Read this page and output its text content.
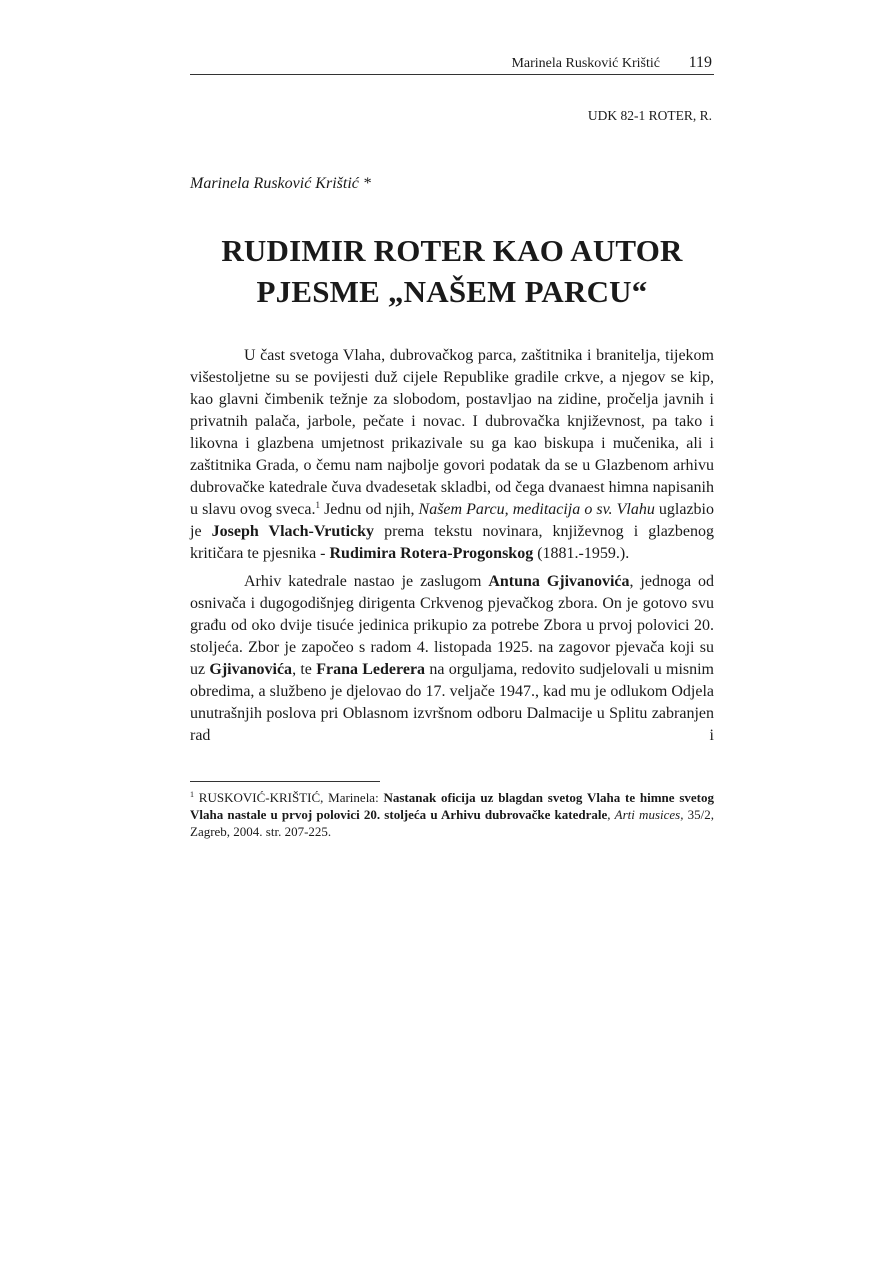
Marinela Rusković Krištić 119
UDK 82-1 ROTER, R.
Marinela Rusković Krištić *
RUDIMIR ROTER KAO AUTOR
PJESME „NAŠEM PARCU“

U čast svetoga Vlaha, dubrovačkog parca, zaštitnika i branitelja, tijekom višestoljetne su se povijesti duž cijele Republike gradile crkve, a njegov se kip, kao glavni čimbenik težnje za slobodom, postavljao na zidine, pročelja javnih i privatnih palača, jarbole, pečate i novac. I dubrovačka književnost, pa tako i likovna i glazbena umjetnost prikazivale su ga kao biskupa i mučenika, ali i zaštitnika Grada, o čemu nam najbolje govori podatak da se u Glazbenom arhivu dubrovačke katedrale čuva dvadesetak skladbi, od čega dvanaest himna napisanih u slavu ovog sveca.$^1$ Jednu od njih, Našem Parcu, meditacija o sv. Vlahu uglazbio je Joseph Vlach-Vruticky prema tekstu novinara, književnog i glazbenog kritičara te pjesnika - Rudimira Rotera-Progonskog (1881.-1959.).

Arhiv katedrale nastao je zaslugom Antuna Gjivanovića, jednoga od osnivača i dugogodišnjeg dirigenta Crkvenog pjevačkog zbora. On je gotovo svu građu od oko dvije tisuće jedinica prikupio za potrebe Zbora u prvoj polovici 20. stoljeća. Zbor je započeo s radom 4. listopada 1925. na zagovor pjevača koji su uz Gjivanovića, te Frana Lederera na orguljama, redovito sudjelovali u misnim obredima, a službeno je djelovao do 17. veljače 1947., kad mu je odlukom Odjela unutrašnjih poslova pri Oblasnom izvršnom odboru Dalmacije u Splitu zabranjen rad i

$^1$ RUSKOVIĆ-KRIŠTIĆ, Marinela: Nastanak oficija uz blagdan svetog Vlaha te himne svetog Vlaha nastale u prvoj polovici 20. stoljeća u Arhivu dubrovačke katedrale, Arti musices, 35/2, Zagreb, 2004. str. 207-225.
